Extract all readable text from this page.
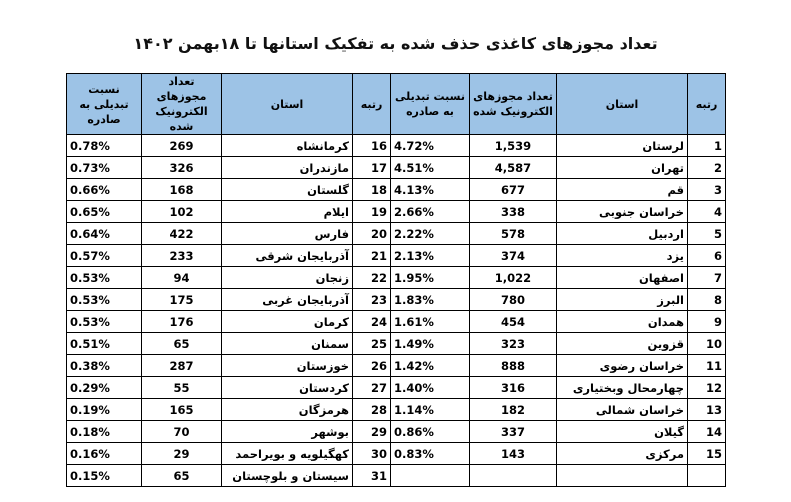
تعداد مجوزهای کاغذی حذف شده به تفکیک استانها تا ۱۸بهمن ۱۴۰۲
رتبه	استان	تعداد مجوزهای الکترونیک شده	نسبت تبدیلی به صادره	رتبه	استان	تعداد مجوزهای الکترونیک شده	نسبت تبدیلی به صادره
1	لرستان	1,539	4.72%	16	کرمانشاه	269	0.78%
2	تهران	4,587	4.51%	17	مازندران	326	0.73%
3	قم	677	4.13%	18	گلستان	168	0.66%
4	خراسان جنوبی	338	2.66%	19	ایلام	102	0.65%
5	اردبیل	578	2.22%	20	فارس	422	0.64%
6	یزد	374	2.13%	21	آذربایجان شرقی	233	0.57%
7	اصفهان	1,022	1.95%	22	زنجان	94	0.53%
8	البرز	780	1.83%	23	آذربایجان غربی	175	0.53%
9	همدان	454	1.61%	24	کرمان	176	0.53%
10	قزوین	323	1.49%	25	سمنان	65	0.51%
11	خراسان رضوی	888	1.42%	26	خوزستان	287	0.38%
12	چهارمحال وبختیاری	316	1.40%	27	کردستان	55	0.29%
13	خراسان شمالی	182	1.14%	28	هرمزگان	165	0.19%
14	گیلان	337	0.86%	29	بوشهر	70	0.18%
15	مرکزی	143	0.83%	30	کهگیلویه و بویراحمد	29	0.16%
				31	سیستان و بلوچستان	65	0.15%
